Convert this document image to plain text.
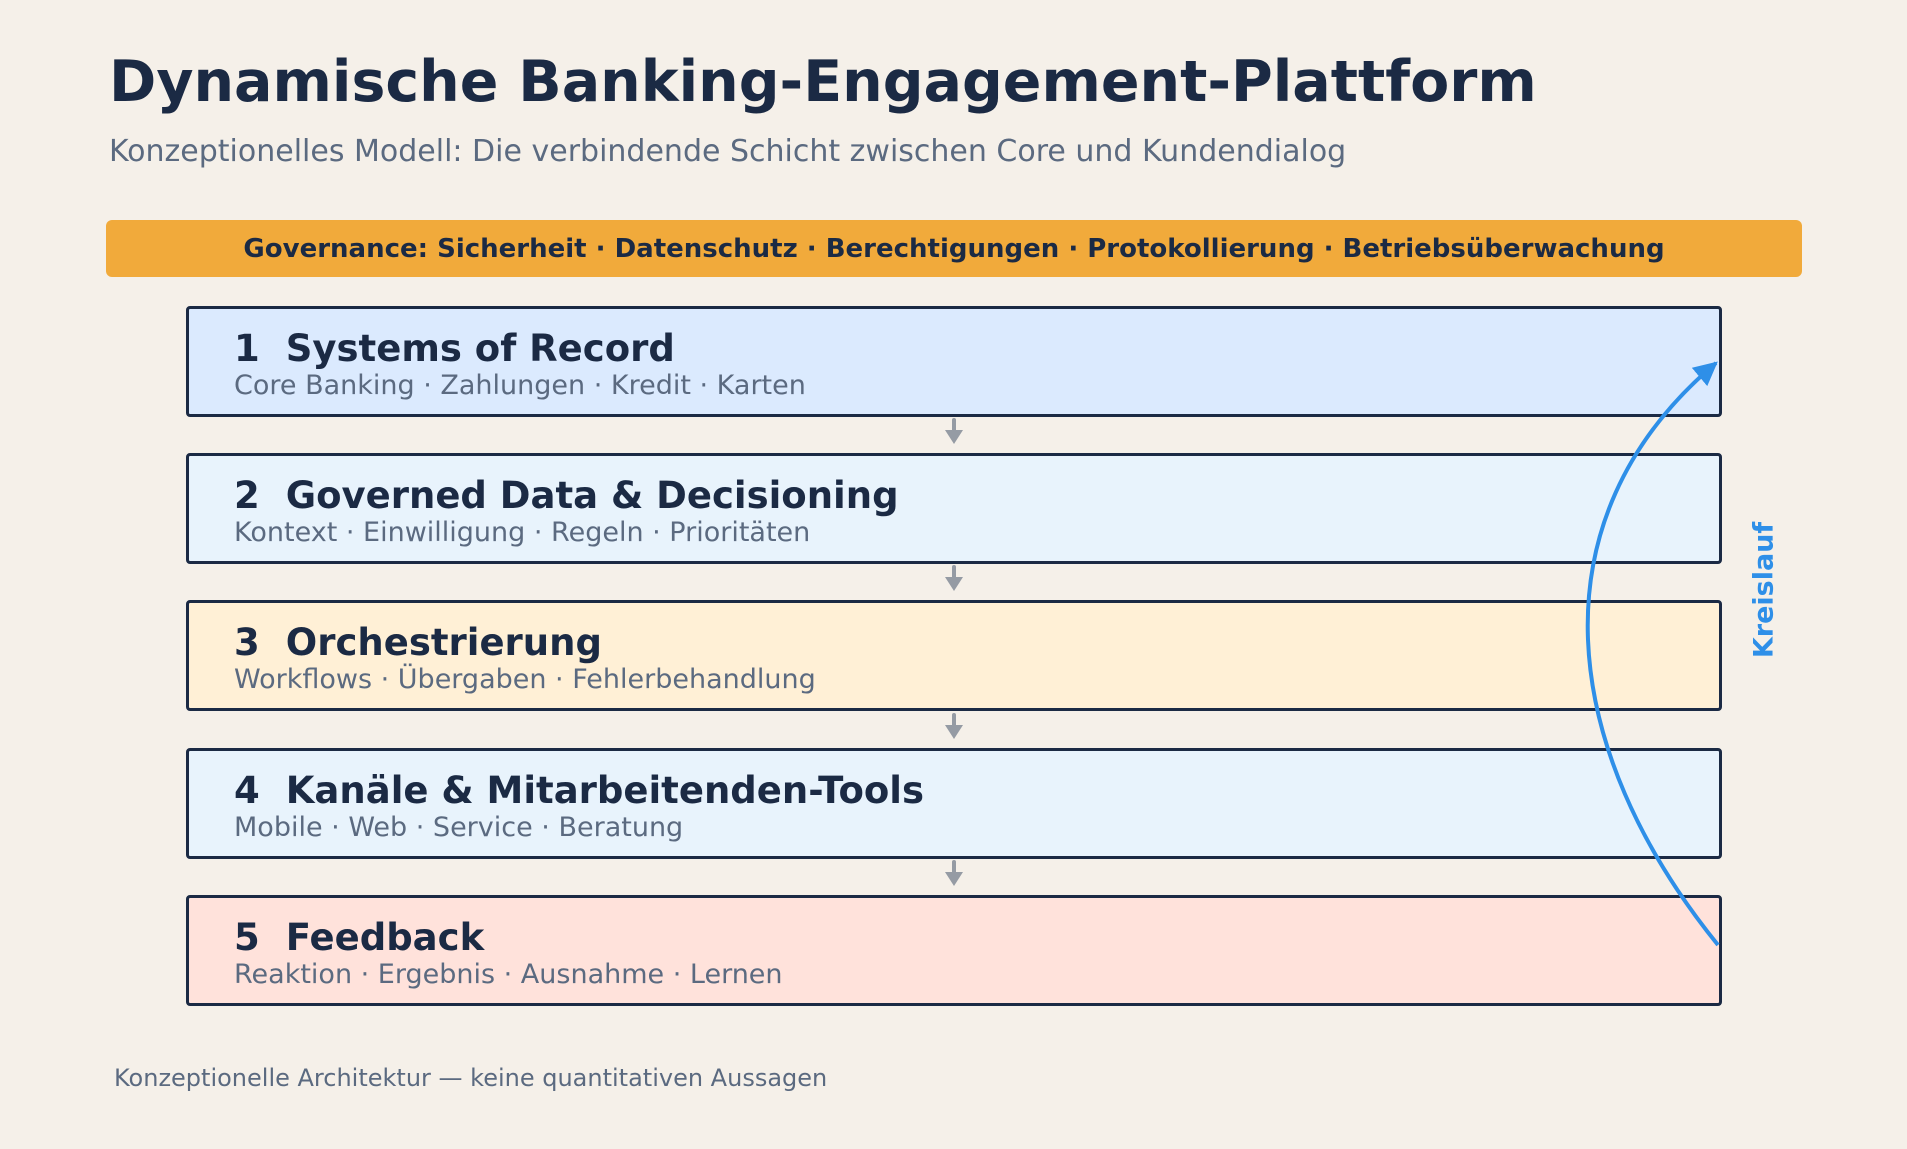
Dynamische Banking-Engagement-Plattform
Konzeptionelles Modell: Die verbindende Schicht zwischen Core und Kundendialog
Governance: Sicherheit · Datenschutz · Berechtigungen · Protokollierung · Betriebsüberwachung
1 Systems of Record
Core Banking · Zahlungen · Kredit · Karten
2 Governed Data & Decisioning
Kontext · Einwilligung · Regeln · Prioritäten
3 Orchestrierung
Workflows · Übergaben · Fehlerbehandlung
4 Kanäle & Mitarbeitenden-Tools
Mobile · Web · Service · Beratung
5 Feedback
Reaktion · Ergebnis · Ausnahme · Lernen
Kreislauf
Konzeptionelle Architektur — keine quantitativen Aussagen
